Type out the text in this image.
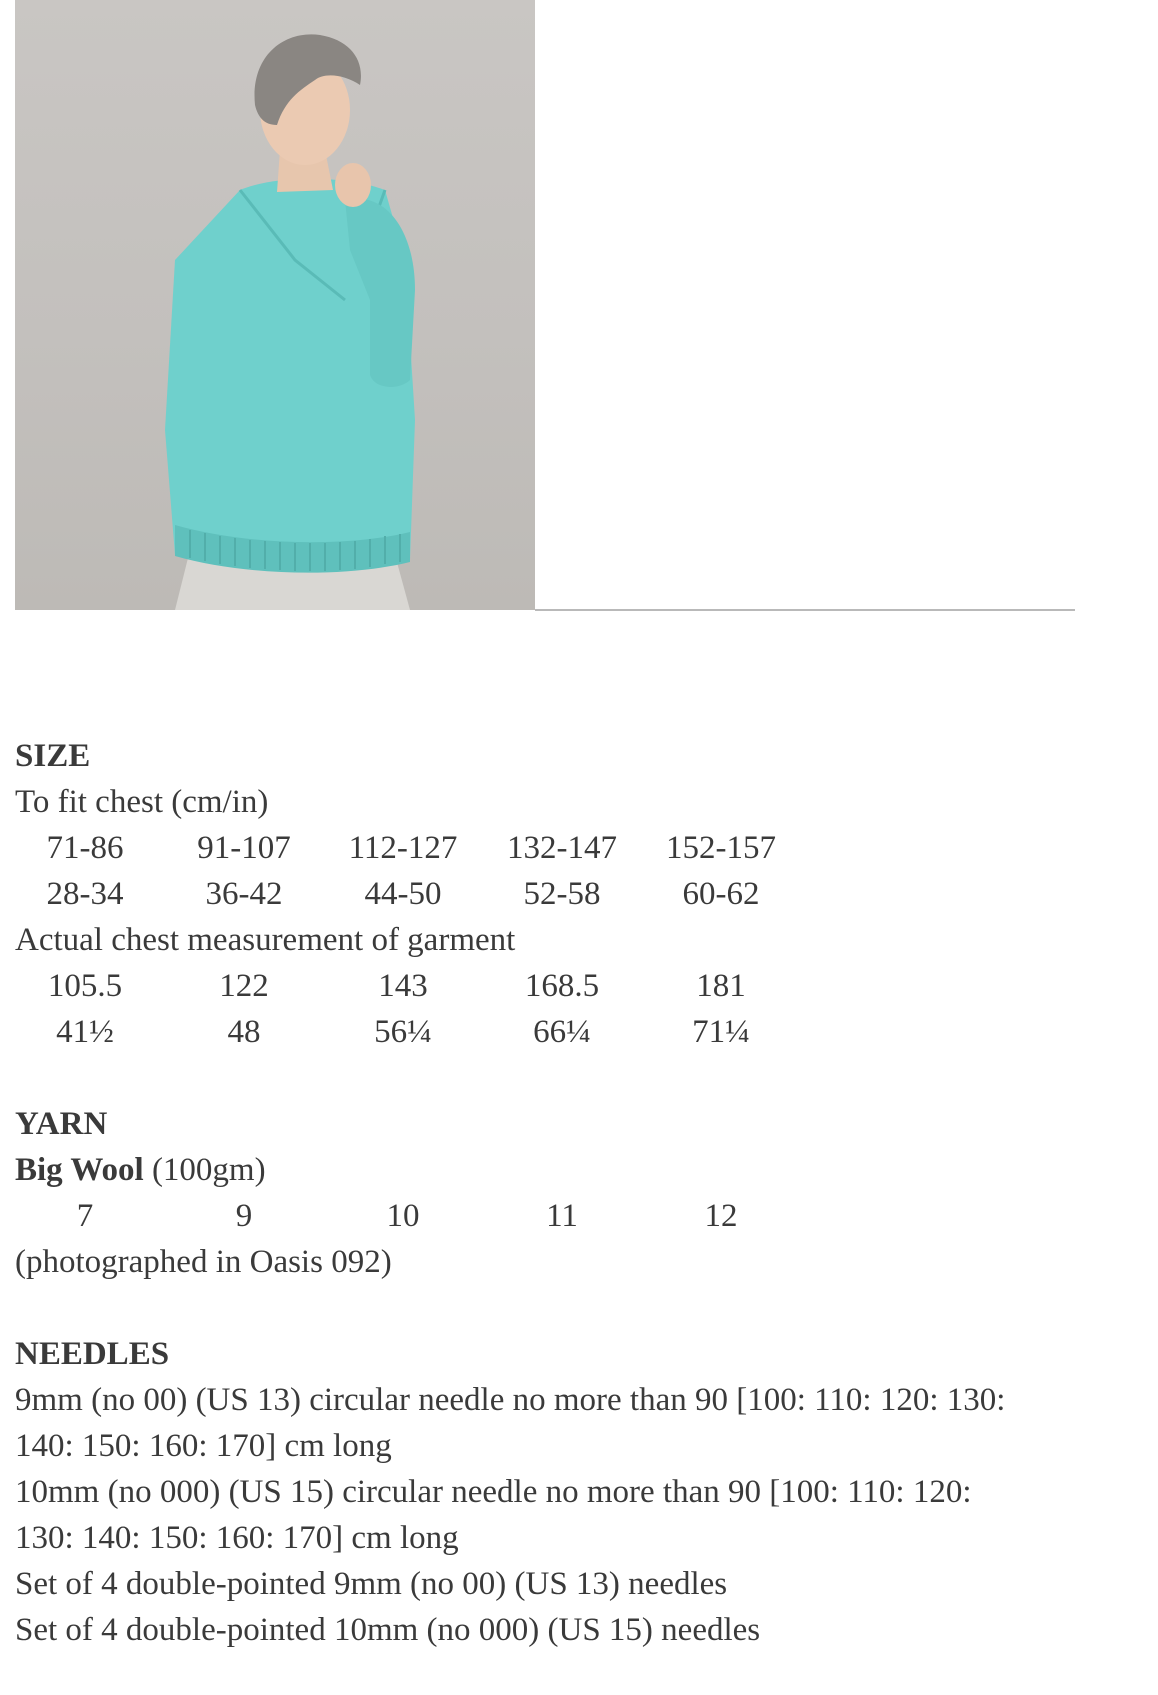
SIZE
To fit chest (cm/in)
71-86	91-107	112-127	132-147	152-157
28-34	36-42	44-50	52-58	60-62
Actual chest measurement of garment
105.5	122	143	168.5	181
41½	48	56¼	66¼	71¼
YARN
Big Wool (100gm)
7	9	10	11	12
(photographed in Oasis 092)
NEEDLES
9mm (no 00) (US 13) circular needle no more than 90 [100: 110: 120: 130:
140: 150: 160: 170] cm long
10mm (no 000) (US 15) circular needle no more than 90 [100: 110: 120:
130: 140: 150: 160: 170] cm long
Set of 4 double-pointed 9mm (no 00) (US 13) needles
Set of 4 double-pointed 10mm (no 000) (US 15) needles
